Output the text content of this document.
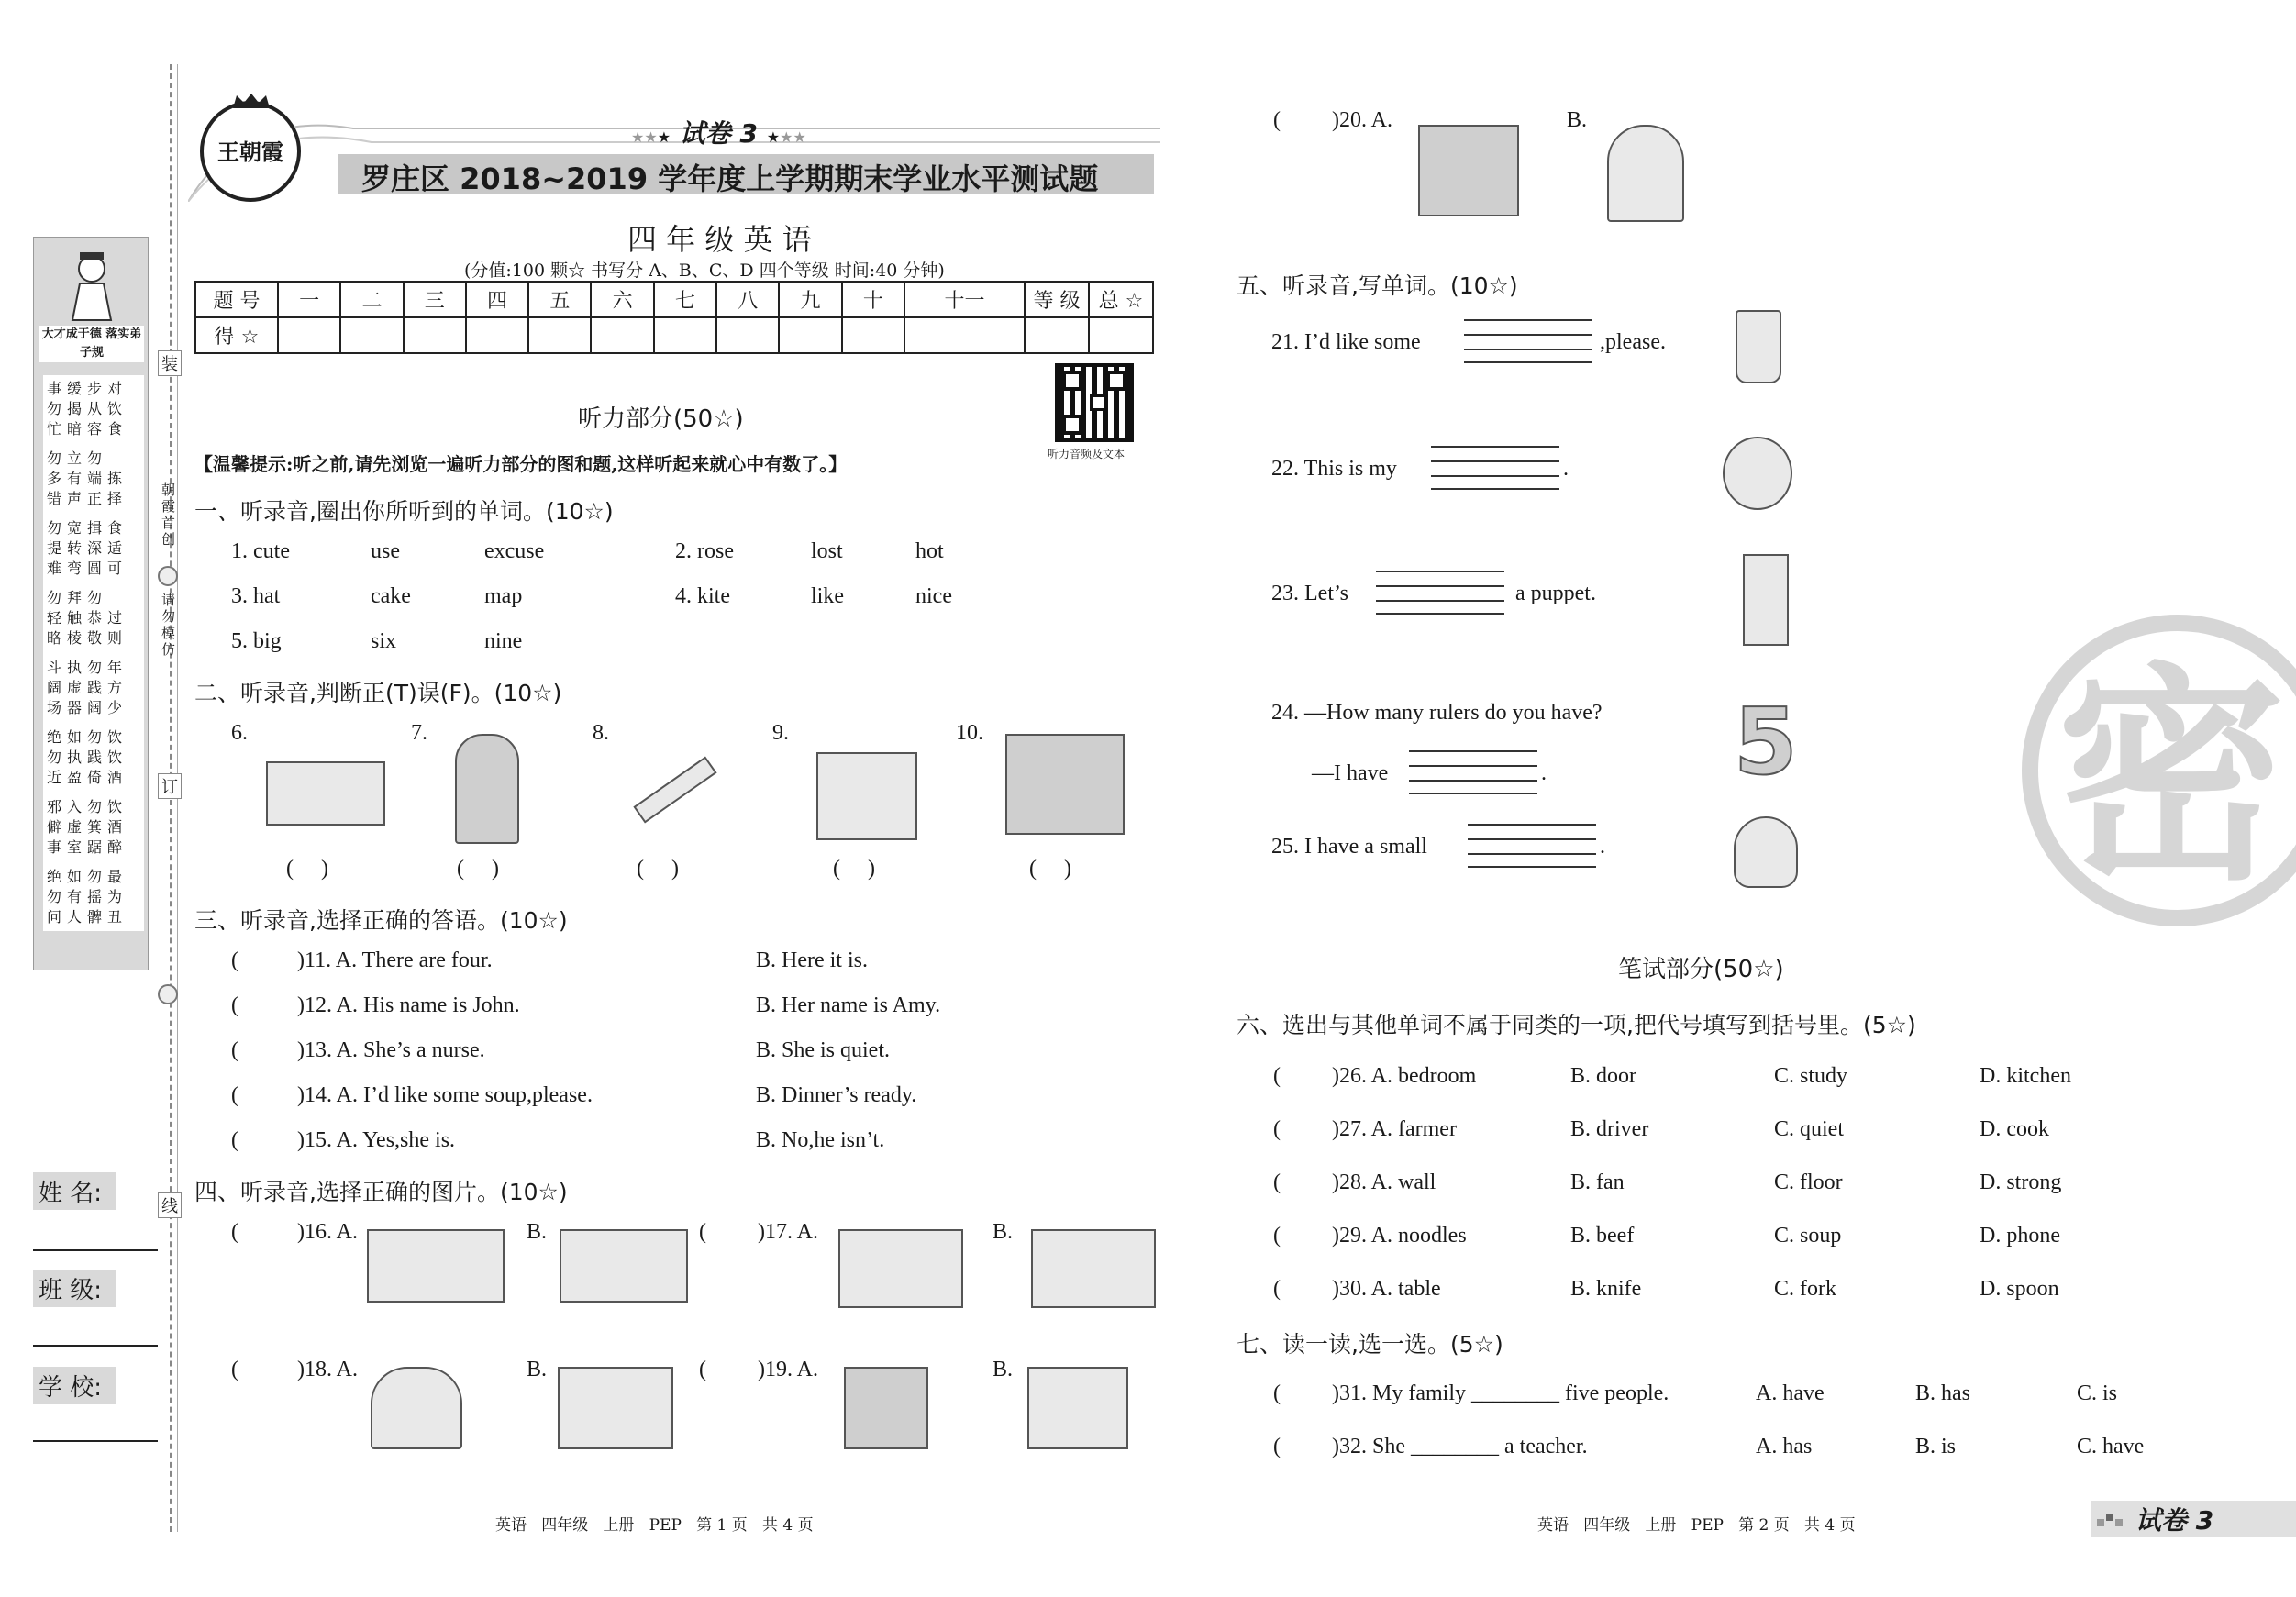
装
朝霞首创
请勿模仿
订
线
大才成于德 落实弟子规
事缓步对
勿揭从饮
忙暗容食
勿立勿
多有端拣
错声正择
勿宽揖食
提转深适
难弯圆可
勿拜勿
轻触恭过
略棱敬则
斗执勿年
阔虚践方
场器阔少
绝如勿饮
勿执践饮
近盈倚酒
邪入勿饮
僻虚箕酒
事室踞醉
绝如勿最
勿有摇为
问人髀丑
姓 名:
班 级:
学 校:
王朝霞
★★★ 试卷 3 ★★★
罗庄区 2018~2019 学年度上学期期末学业水平测试题
四 年 级 英 语
(分值:100 颗☆ 书写分 A、B、C、D 四个等级 时间:40 分钟)
题 号	一	二	三	四	五	六	七	八	九	十	十一	等 级	总 ☆
得 ☆													
听力音频及文本
听力部分(50☆)
【温馨提示:听之前,请先浏览一遍听力部分的图和题,这样听起来就心中有数了。】
一、听录音,圈出你所听到的单词。(10☆)
1. cute	use	excuse	2. rose	lost	hot
3. hat	cake	map	4. kite	like	nice
5. big	six	nine
二、听录音,判断正(T)误(F)。(10☆)
6.	7.	8.	9.	10.
(     )	(     )	(     )	(     )	(     )
三、听录音,选择正确的答语。(10☆)
(	)11. A. There are four.	B. Here it is.
(	)12. A. His name is John.	B. Her name is Amy.
(	)13. A. She’s a nurse.	B. She is quiet.
(	)14. A. I’d like some soup,please.	B. Dinner’s ready.
(	)15. A. Yes,she is.	B. No,he isn’t.
四、听录音,选择正确的图片。(10☆)
(	)16. A.	B.	( )17. A.	B.
(	)18. A.	B.	( )19. A.	B.
( )20. A.	B.
五、听录音,写单词。(10☆)
21. I’d like some	,please.
22. This is my	.
23. Let’s	a puppet.
24. —How many rulers do you have?
—I have	. 5
25. I have a small	. 密
笔试部分(50☆)
六、选出与其他单词不属于同类的一项,把代号填写到括号里。(5☆)
( )26. A. bedroom	B. door	C. study	D. kitchen
( )27. A. farmer	B. driver	C. quiet	D. cook
( )28. A. wall	B. fan	C. floor	D. strong
( )29. A. noodles	B. beef	C. soup	D. phone
( )30. A. table	B. knife	C. fork	D. spoon
七、读一读,选一选。(5☆)
( )31. My family ________ five people.	A. have	B. has	C. is
( )32. She ________ a teacher.	A. has	B. is	C. have
英语   四年级   上册   PEP   第 1 页   共 4 页	英语   四年级   上册   PEP   第 2 页   共 4 页	试卷 3
